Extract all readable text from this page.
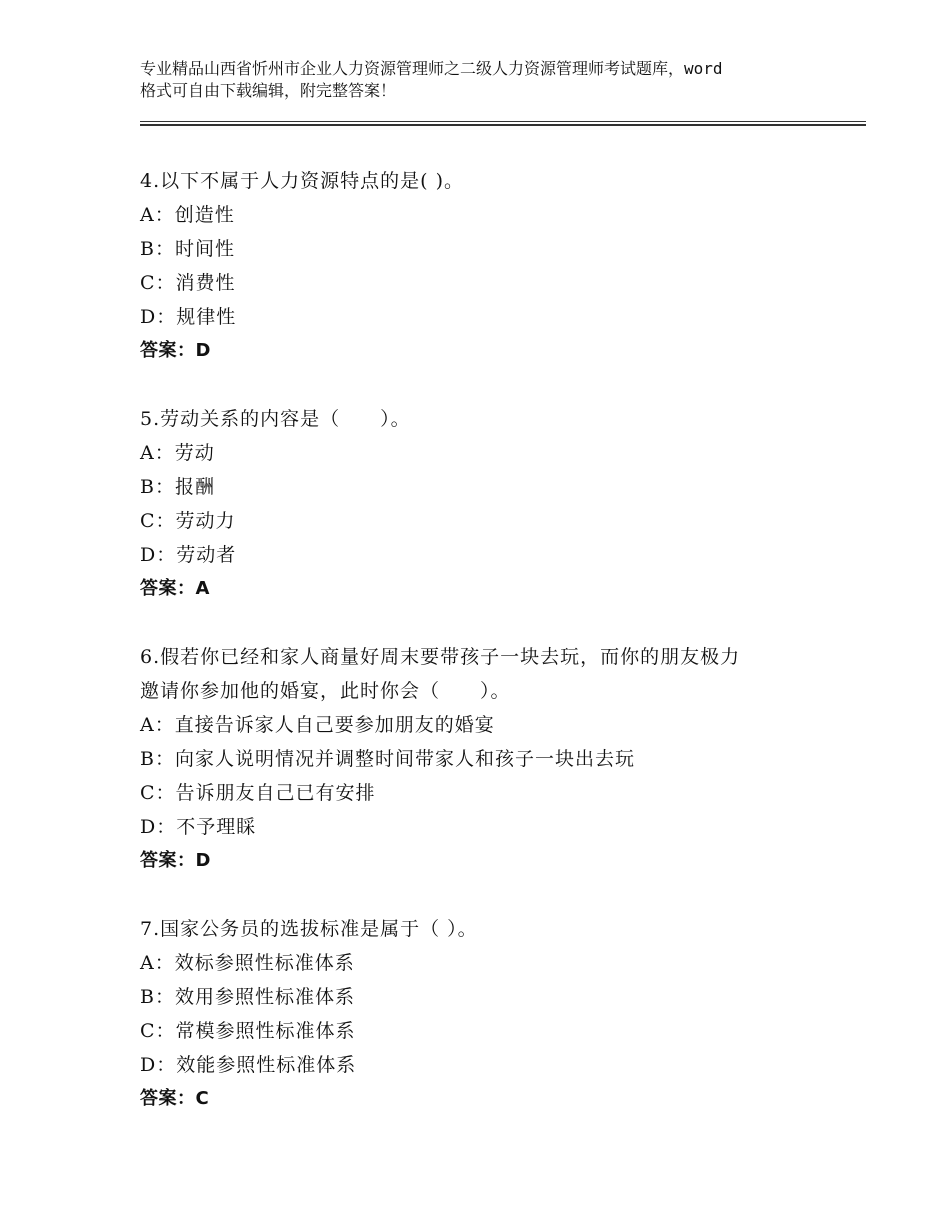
专业精品山西省忻州市企业人力资源管理师之二级人力资源管理师考试题库，word
格式可自由下载编辑，附完整答案！
4.以下不属于人力资源特点的是( )。
A：创造性
B：时间性
C：消费性
D：规律性
答案：D
5.劳动关系的内容是（　　）。
A：劳动
B：报酬
C：劳动力
D：劳动者
答案：A
6.假若你已经和家人商量好周末要带孩子一块去玩，而你的朋友极力
邀请你参加他的婚宴，此时你会（　　）。
A：直接告诉家人自己要参加朋友的婚宴
B：向家人说明情况并调整时间带家人和孩子一块出去玩
C：告诉朋友自己已有安排
D：不予理睬
答案：D
7.国家公务员的选拔标准是属于（ ）。
A：效标参照性标准体系
B：效用参照性标准体系
C：常模参照性标准体系
D：效能参照性标准体系
答案：C
